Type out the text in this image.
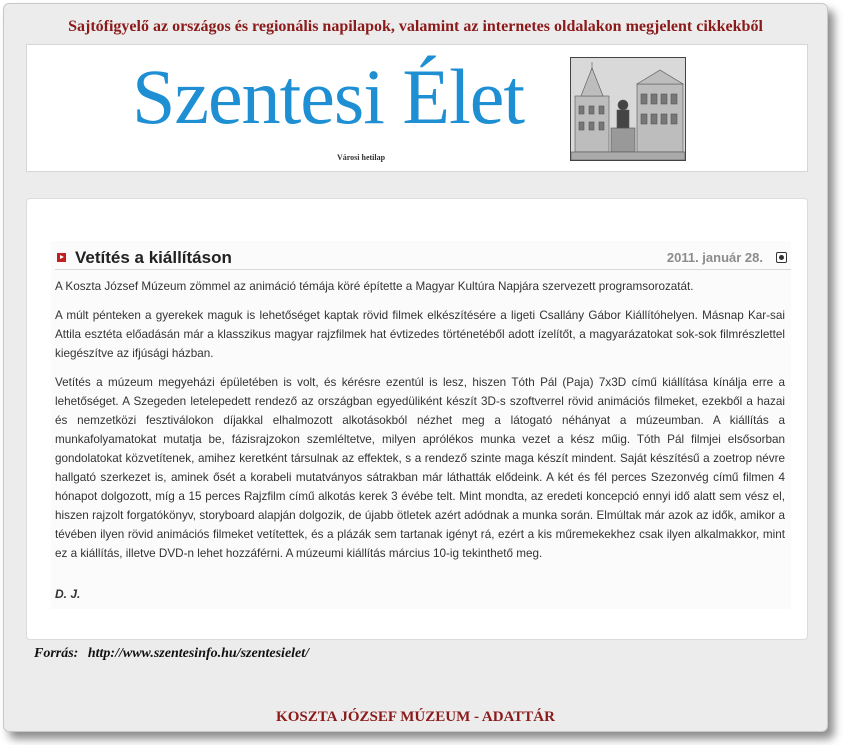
Sajtófigyelő az országos és regionális napilapok, valamint az internetes oldalakon megjelent cikkekből
Szentesi Élet
Városi hetilap
Vetítés a kiállításon	2011. január 28.

A Koszta József Múzeum zömmel az animáció témája köré építette a Magyar Kultúra Napjára szervezett programsorozatát.

A múlt pénteken a gyerekek maguk is lehetőséget kaptak rövid filmek elkészítésére a ligeti Csallány Gábor Kiállítóhelyen. Másnap Kar-sai Attila esztéta előadásán már a klasszikus magyar rajzfilmek hat évtizedes történetéből adott ízelítőt, a magyarázatokat sok-sok filmrészlettel kiegészítve az ifjúsági házban.

Vetítés a múzeum megyeházi épületében is volt, és kérésre ezentúl is lesz, hiszen Tóth Pál (Paja) 7x3D című kiállítása kínálja erre a lehetőséget. A Szegeden letelepedett rendező az országban egyedüliként készít 3D-s szoftverrel rövid animációs filmeket, ezekből a hazai és nemzetközi fesztiválokon díjakkal elhalmozott alkotásokból nézhet meg a látogató néhányat a múzeumban. A kiállítás a munkafolyamatokat mutatja be, fázisrajzokon szemléltetve, milyen aprólékos munka vezet a kész műig. Tóth Pál filmjei elsősorban gondolatokat közvetítenek, amihez keretként társulnak az effektek, s a rendező szinte maga készít mindent. Saját készítésű a zoetrop névre hallgató szerkezet is, aminek ősét a korabeli mutatványos sátrakban már láthatták elődeink. A két és fél perces Szezonvég című filmen 4 hónapot dolgozott, míg a 15 perces Rajzfilm című alkotás kerek 3 évébe telt. Mint mondta, az eredeti koncepció ennyi idő alatt sem vész el, hiszen rajzolt forgatókönyv, storyboard alapján dolgozik, de újabb ötletek azért adódnak a munka során. Elmúltak már azok az idők, amikor a tévében ilyen rövid animációs filmeket vetítettek, és a plázák sem tartanak igényt rá, ezért a kis műremekekhez csak ilyen alkalmakkor, mint ez a kiállítás, illetve DVD-n lehet hozzáférni. A múzeumi kiállítás március 10-ig tekinthető meg.

D. J.
Forrás: http://www.szentesinfo.hu/szentesielet/
KOSZTA JÓZSEF MÚZEUM - ADATTÁR
